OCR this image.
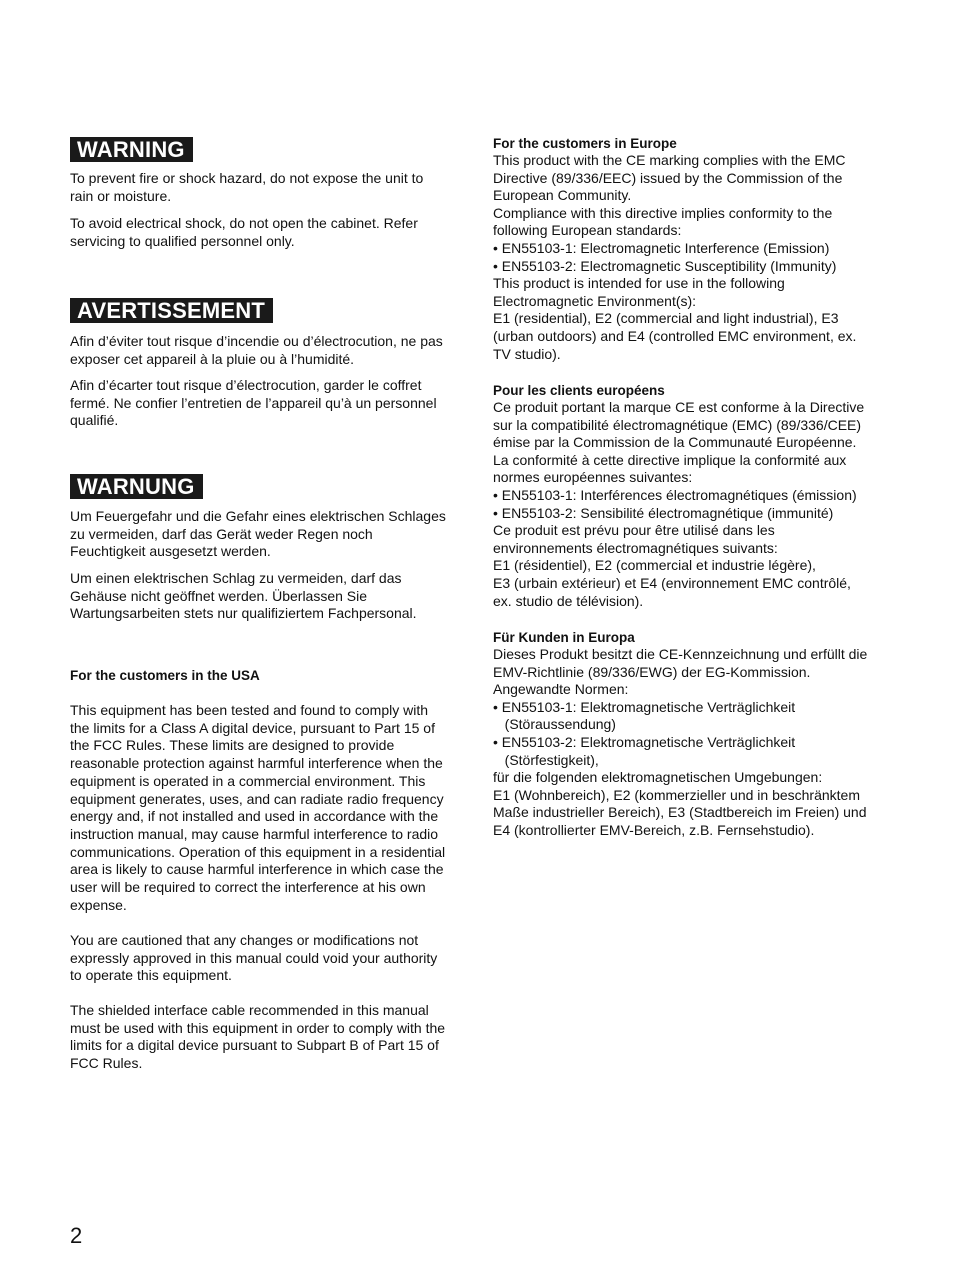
WARNING
To prevent fire or shock hazard, do not expose the unit to
rain or moisture.
To avoid electrical shock, do not open the cabinet. Refer
servicing to qualified personnel only.
AVERTISSEMENT
Afin d’éviter tout risque d’incendie ou d’électrocution, ne pas
exposer cet appareil à la pluie ou à l’humidité.
Afin d’écarter tout risque d’électrocution, garder le coffret
fermé. Ne confier l’entretien de l’appareil qu’à un personnel
qualifié.
WARNUNG
Um Feuergefahr und die Gefahr eines elektrischen Schlages
zu vermeiden, darf das Gerät weder Regen noch
Feuchtigkeit ausgesetzt werden.
Um einen elektrischen Schlag zu vermeiden, darf das
Gehäuse nicht geöffnet werden. Überlassen Sie
Wartungsarbeiten stets nur qualifiziertem Fachpersonal.
For the customers in the USA
This equipment has been tested and found to comply with
the limits for a Class A digital device, pursuant to Part 15 of
the FCC Rules. These limits are designed to provide
reasonable protection against harmful interference when the
equipment is operated in a commercial environment. This
equipment generates, uses, and can radiate radio frequency
energy and, if not installed and used in accordance with the
instruction manual, may cause harmful interference to radio
communications. Operation of this equipment in a residential
area is likely to cause harmful interference in which case the
user will be required to correct the interference at his own
expense.
You are cautioned that any changes or modifications not
expressly approved in this manual could void your authority
to operate this equipment.
The shielded interface cable recommended in this manual
must be used with this equipment in order to comply with the
limits for a digital device pursuant to Subpart B of Part 15 of
FCC Rules.
For the customers in Europe
This product with the CE marking complies with the EMC
Directive (89/336/EEC) issued by the Commission of the
European Community.
Compliance with this directive implies conformity to the
following European standards:
• EN55103-1: Electromagnetic Interference (Emission)
• EN55103-2: Electromagnetic Susceptibility (Immunity)
This product is intended for use in the following
Electromagnetic Environment(s):
E1 (residential), E2 (commercial and light industrial), E3
(urban outdoors) and E4 (controlled EMC environment, ex.
TV studio).
Pour les clients européens
Ce produit portant la marque CE est conforme à la Directive
sur la compatibilité électromagnétique (EMC) (89/336/CEE)
émise par la Commission de la Communauté Européenne.
La conformité à cette directive implique la conformité aux
normes européennes suivantes:
• EN55103-1: Interférences électromagnétiques (émission)
• EN55103-2: Sensibilité électromagnétique (immunité)
Ce produit est prévu pour être utilisé dans les
environnements électromagnétiques suivants:
E1 (résidentiel), E2 (commercial et industrie légère),
E3 (urbain extérieur) et E4 (environnement EMC contrôlé,
ex. studio de télévision).
Für Kunden in Europa
Dieses Produkt besitzt die CE-Kennzeichnung und erfüllt die
EMV-Richtlinie (89/336/EWG) der EG-Kommission.
Angewandte Normen:
• EN55103-1: Elektromagnetische Verträglichkeit
(Störaussendung)
• EN55103-2: Elektromagnetische Verträglichkeit
(Störfestigkeit),
für die folgenden elektromagnetischen Umgebungen:
E1 (Wohnbereich), E2 (kommerzieller und in beschränktem
Maße industrieller Bereich), E3 (Stadtbereich im Freien) und
E4 (kontrollierter EMV-Bereich, z.B. Fernsehstudio).
2
